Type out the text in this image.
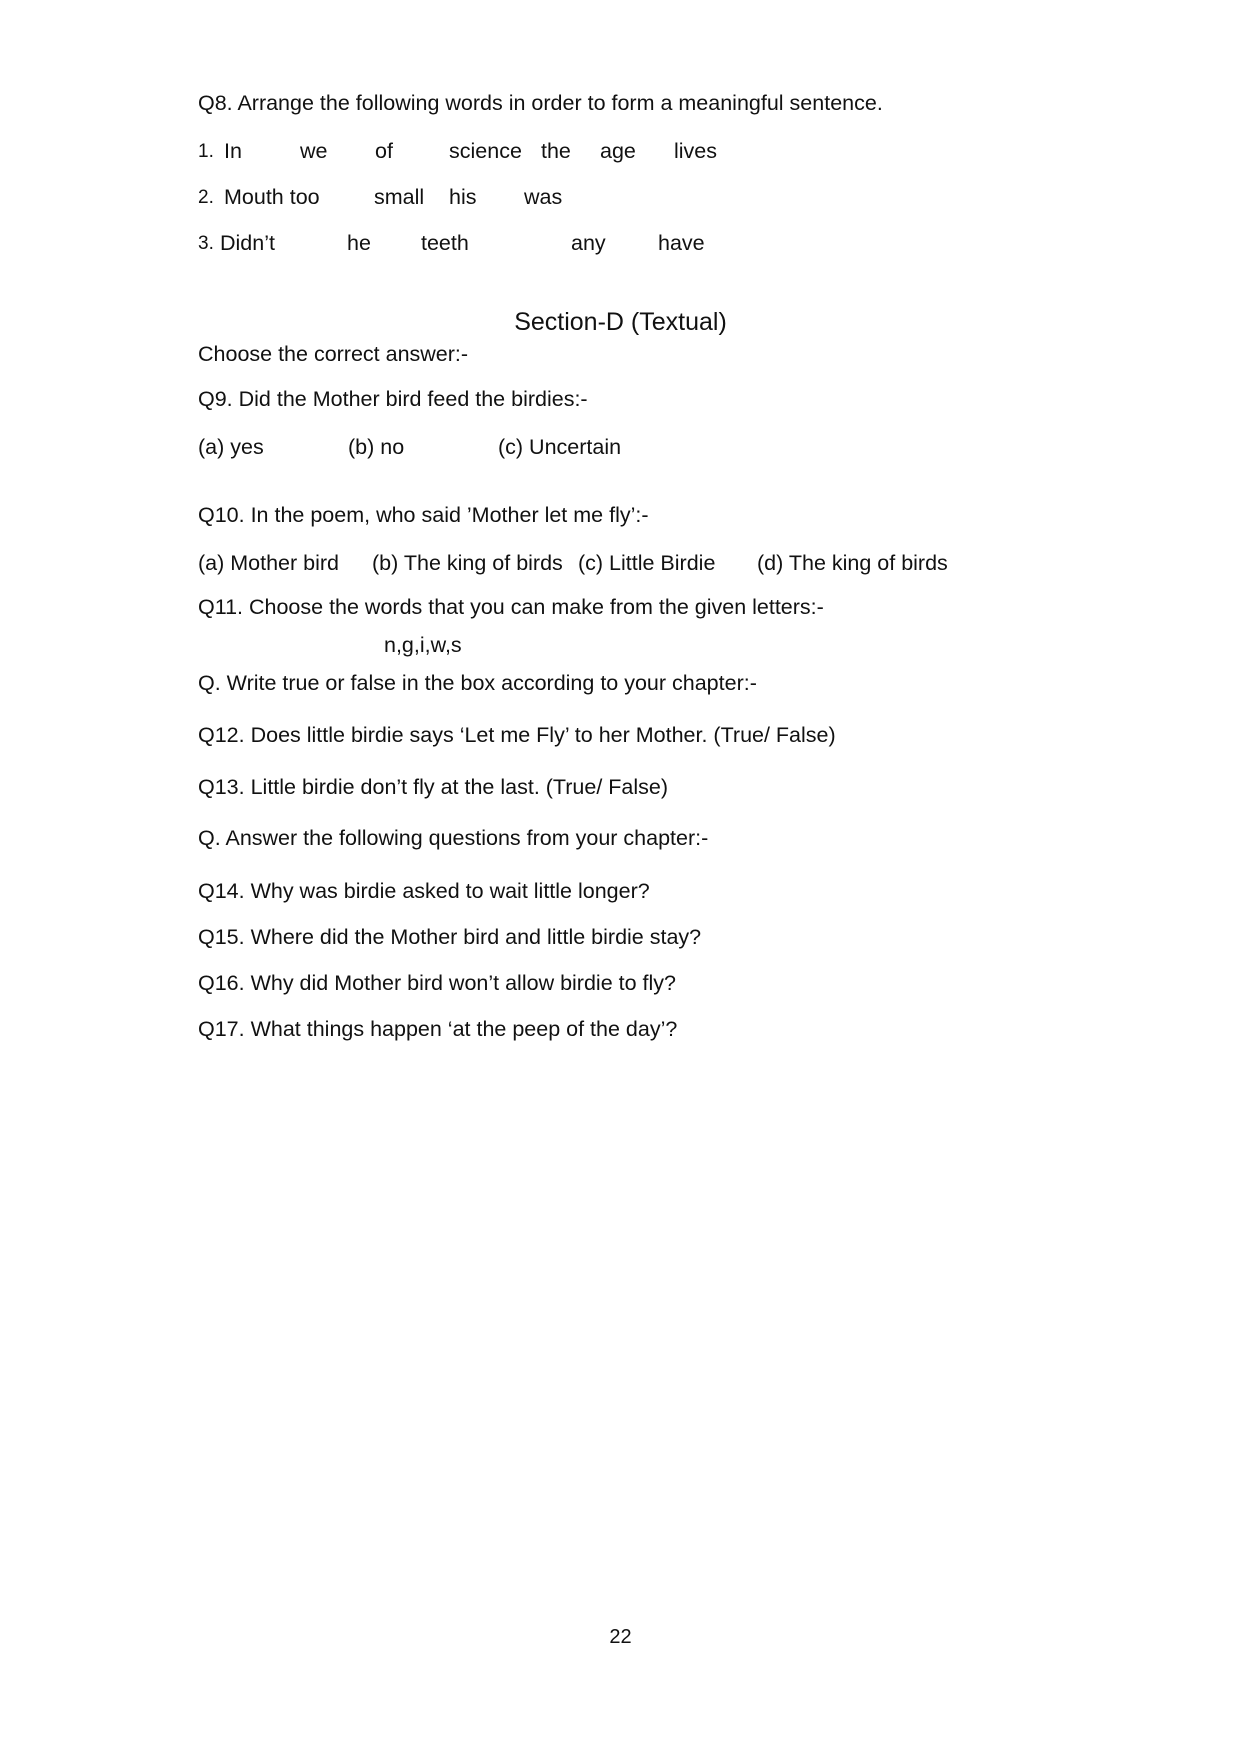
Q8. Arrange the following words in order to form a meaningful sentence.
1. In	we of	science the age lives
2. Mouth too	small his was
3. Didn’t	he teeth	any have
Section-D (Textual)
Choose the correct answer:-
Q9. Did the Mother bird feed the birdies:-
(a) yes	(b) no	(c) Uncertain
Q10. In the poem, who said ’Mother let me fly’:-
(a) Mother bird (b) The king of birds (c) Little Birdie (d) The king of birds
Q11. Choose the words that you can make from the given letters:-
n,g,i,w,s
Q. Write true or false in the box according to your chapter:-
Q12. Does little birdie says ‘Let me Fly’ to her Mother. (True/ False)
Q13. Little birdie don’t fly at the last. (True/ False)
Q. Answer the following questions from your chapter:-
Q14. Why was birdie asked to wait little longer?
Q15. Where did the Mother bird and little birdie stay?
Q16. Why did Mother bird won’t allow birdie to fly?
Q17. What things happen ‘at the peep of the day’?
22
